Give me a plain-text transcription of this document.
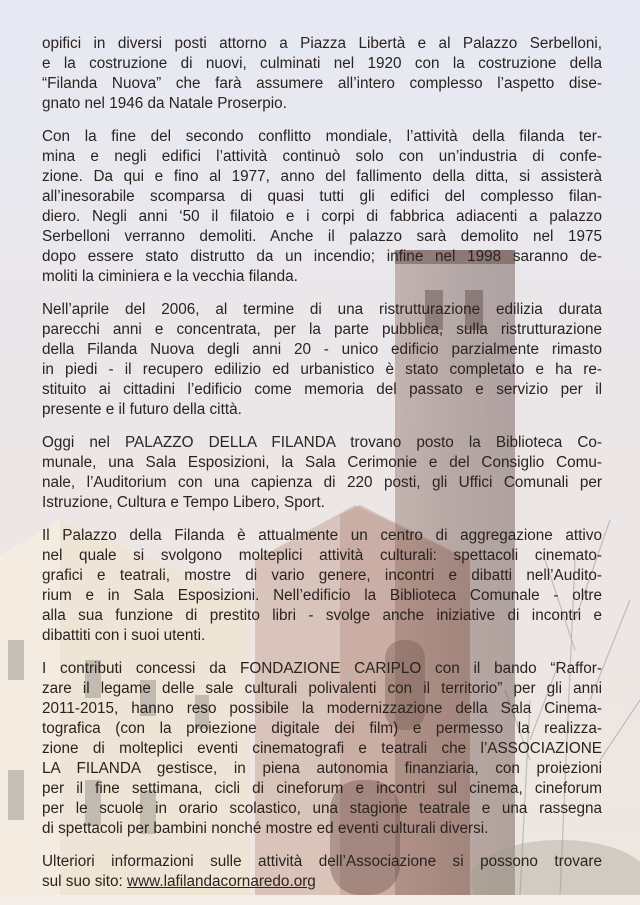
opifici in diversi posti attorno a Piazza Libertà e al Palazzo Serbelloni,
e la costruzione di nuovi, culminati nel 1920 con la costruzione della
“Filanda Nuova” che farà assumere all’intero complesso l’aspetto dise-
gnato nel 1946 da Natale Proserpio.

Con la fine del secondo conflitto mondiale, l’attività della filanda ter-
mina e negli edifici l’attività continuò solo con un’industria di confe-
zione. Da qui e fino al 1977, anno del fallimento della ditta, si assisterà
all’inesorabile scomparsa di quasi tutti gli edifici del complesso filan-
diero. Negli anni ‘50 il filatoio e i corpi di fabbrica adiacenti a palazzo
Serbelloni verranno demoliti. Anche il palazzo sarà demolito nel 1975
dopo essere stato distrutto da un incendio; infine nel 1998 saranno de-
moliti la ciminiera e la vecchia filanda.

Nell’aprile del 2006, al termine di una ristrutturazione edilizia durata
parecchi anni e concentrata, per la parte pubblica, sulla ristrutturazione
della Filanda Nuova degli anni 20 - unico edificio parzialmente rimasto
in piedi - il recupero edilizio ed urbanistico è stato completato e ha re-
stituito ai cittadini l’edificio come memoria del passato e servizio per il
presente e il futuro della città.

Oggi nel PALAZZO DELLA FILANDA trovano posto la Biblioteca Co-
munale, una Sala Esposizioni, la Sala Cerimonie e del Consiglio Comu-
nale, l’Auditorium con una capienza di 220 posti, gli Uffici Comunali per
Istruzione, Cultura e Tempo Libero, Sport.

Il Palazzo della Filanda è attualmente un centro di aggregazione attivo
nel quale si svolgono molteplici attività culturali: spettacoli cinemato-
grafici e teatrali, mostre di vario genere, incontri e dibatti nell’Audito-
rium e in Sala Esposizioni. Nell’edificio la Biblioteca Comunale - oltre
alla sua funzione di prestito libri - svolge anche iniziative di incontri e
dibattiti con i suoi utenti.

I contributi concessi da FONDAZIONE CARIPLO con il bando “Raffor-
zare il legame delle sale culturali polivalenti con il territorio” per gli anni
2011-2015, hanno reso possibile la modernizzazione della Sala Cinema-
tografica (con la proiezione digitale dei film) e permesso la realizza-
zione di molteplici eventi cinematografi e teatrali che l’ASSOCIAZIONE
LA FILANDA gestisce, in piena autonomia finanziaria, con proiezioni
per il fine settimana, cicli di cineforum e incontri sul cinema, cineforum
per le scuole in orario scolastico, una stagione teatrale e una rassegna
di spettacoli per bambini nonché mostre ed eventi culturali diversi.

Ulteriori informazioni sulle attività dell’Associazione si possono trovare
sul suo sito: www.lafilandacornaredo.org
